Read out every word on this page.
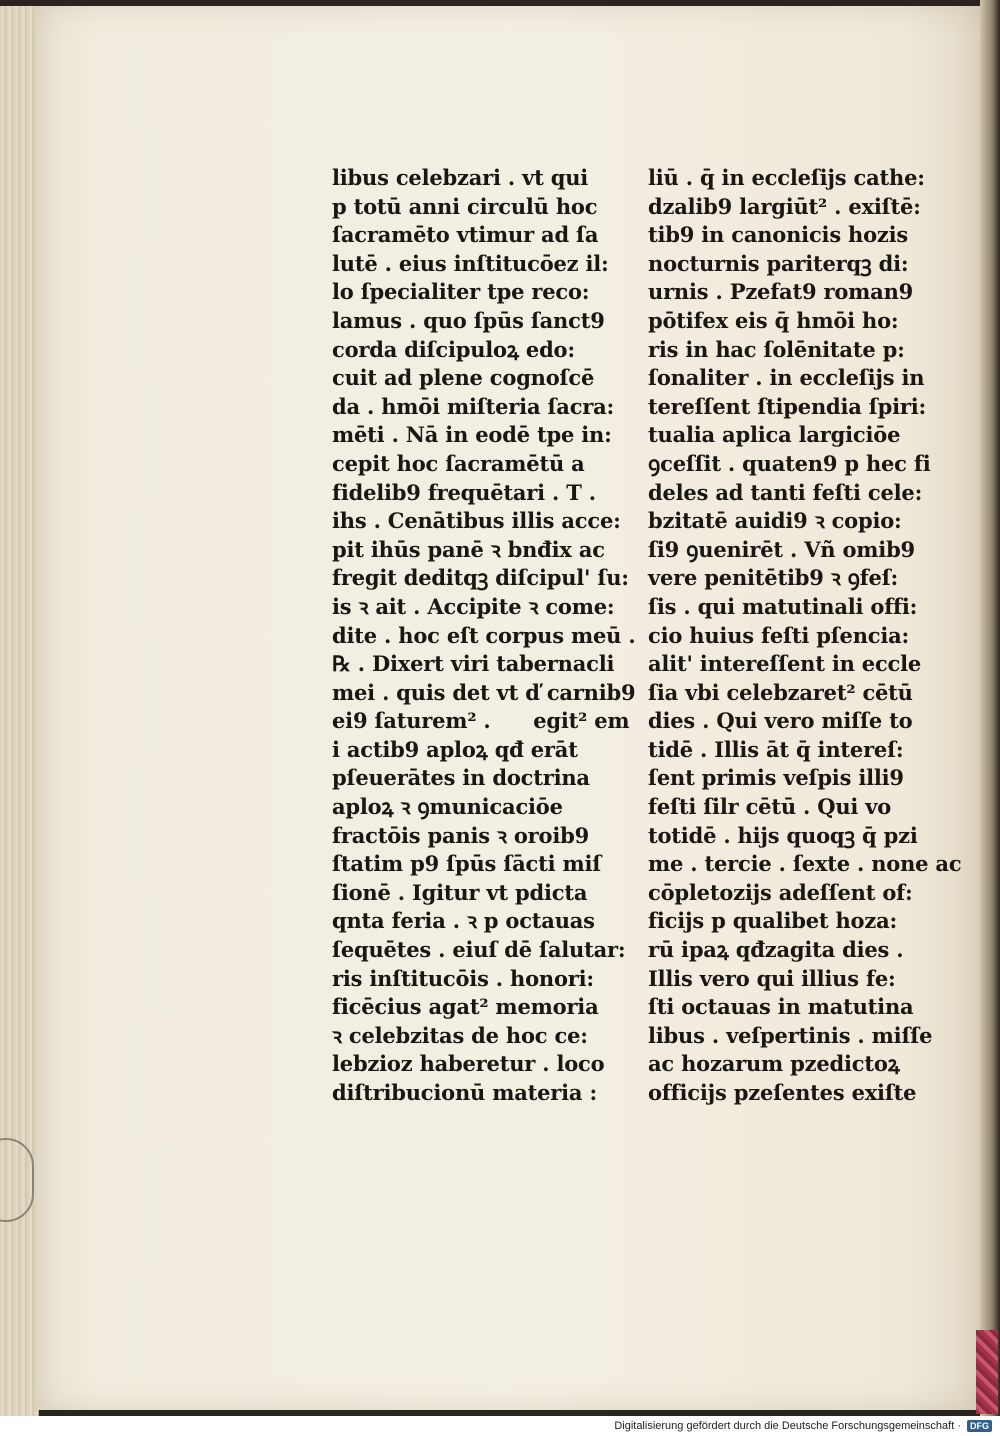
libus celebzari . vt qui
p totū anni circulū hoc
ſacramēto vtimur ad ſa
lutē . eius inſtitucōez il:
lo ſpecialiter tpe reco:
lamus . quo ſpūs ſanct9
corda diſcipuloꝝ edo:
cuit ad plene cognoſcē
da . hmōi miſteria ſacra:
mēti . Nā in eodē tpe in:
cepit hoc ſacramētū a
fidelib9 frequētari . T .
ihs . Cenātibus illis acce:
pit ihūs panē ꝛ bnđix ac
fregit deditqꝫ diſcipul' ſu:
is ꝛ ait . Accipite ꝛ come:
dite . hoc eſt corpus meū .
℞ . Dixert viri tabernacli
mei . quis det vt ď carnib9
ei9 ſaturem² .      egit² em
i actib9 aploꝝ qđ erāt
pſeuerātes in doctrina
aploꝝ ꝛ ꝯmunicaciōe
fractōis panis ꝛ oroib9
ſtatim p9 ſpūs ſācti miſ
ſionē . Igitur vt pdicta
qnta feria . ꝛ p octauas
ſequētes . eiuſ dē ſalutar:
ris inſtitucōis . honori:
ficēcius agat² memoria
ꝛ celebzitas de hoc ce:
lebzioz haberetur . loco
diſtribucionū materia :
liū . q̄ in eccleſijs cathe:
dzalib9 largiūt² . exiſtē:
tib9 in canonicis hozis
nocturnis pariterqꝫ di:
urnis . Pzefat9 roman9
pōtifex eis q̄ hmōi ho:
ris in hac ſolēnitate p:
ſonaliter . in eccleſijs in
tereſſent ſtipendia ſpiri:
tualia aplica largiciōe
ꝯceſſit . quaten9 p hec fi
deles ad tanti feſti cele:
bzitatē auidi9 ꝛ copio:
ſi9 ꝯuenirēt . Vñ omib9
vere penitētib9 ꝛ ꝯfeſ:
ſis . qui matutinali offi:
cio huius feſti pſencia:
alit' intereſſent in eccle
ſia vbi celebzaret² cētū
dies . Qui vero miſſe to
tidē . Illis āt q̄ intereſ:
ſent primis veſpis illi9
feſti ſilr cētū . Qui vo
totidē . hijs quoqꝫ q̄ pzi
me . tercie . ſexte . none ac
cōpletozijs adeſſent of:
ficijs p qualibet hoza:
rū ipaꝝ qđzagita dies .
Illis vero qui illius fe:
ſti octauas in matutina
libus . veſpertinis . miſſe
ac hozarum pzedictoꝝ
officijs pzeſentes exiſte
Digitalisierung gefördert durch die Deutsche Forschungsgemeinschaft ·	DFG
